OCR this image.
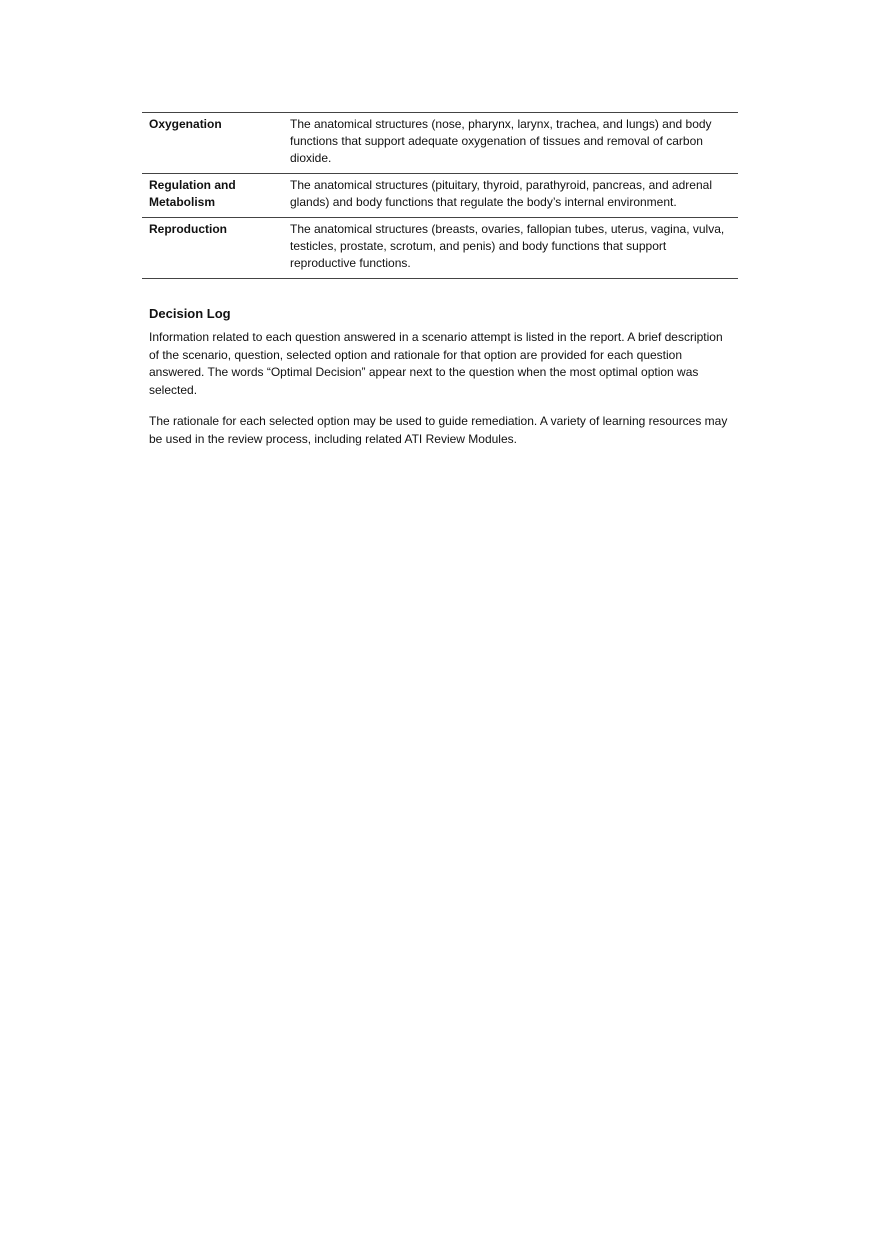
Oxygenation	The anatomical structures (nose, pharynx, larynx, trachea, and lungs) and body functions that support adequate oxygenation of tissues and removal of carbon dioxide.
Regulation and Metabolism	The anatomical structures (pituitary, thyroid, parathyroid, pancreas, and adrenal glands) and body functions that regulate the body’s internal environment.
Reproduction	The anatomical structures (breasts, ovaries, fallopian tubes, uterus, vagina, vulva, testicles, prostate, scrotum, and penis) and body functions that support reproductive functions.
Decision Log

Information related to each question answered in a scenario attempt is listed in the report. A brief description of the scenario, question, selected option and rationale for that option are provided for each question answered. The words “Optimal Decision” appear next to the question when the most optimal option was selected.

The rationale for each selected option may be used to guide remediation. A variety of learning resources may be used in the review process, including related ATI Review Modules.
